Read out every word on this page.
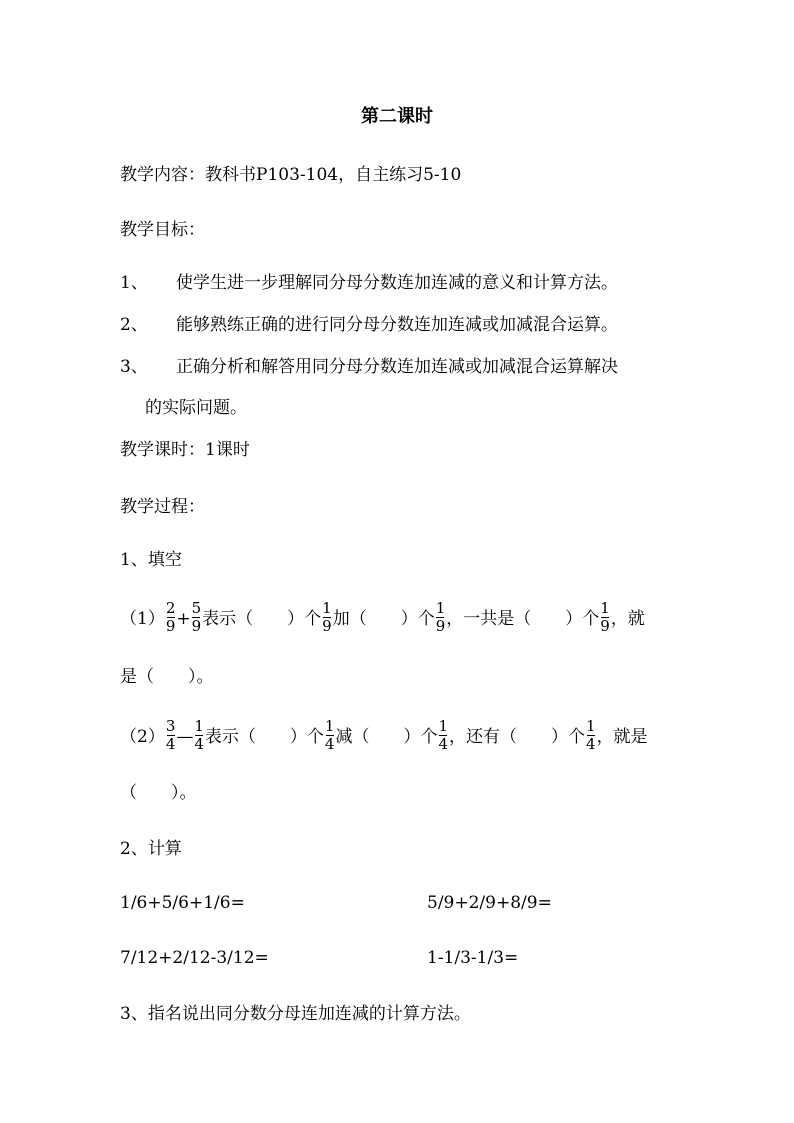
第二课时
教学内容：教科书P103-104，自主练习5-10
教学目标：
1、 使学生进一步理解同分母分数连加连减的意义和计算方法。
2、 能够熟练正确的进行同分母分数连加连减或加减混合运算。
3、 正确分析和解答用同分母分数连加连减或加减混合运算解决
的实际问题。
教学课时：1课时
教学过程：
1、填空
$(1) \frac{2}{9} + \frac{5}{9}$ 表示（　　）个 $\frac{1}{9}$ 加（　　）个 $\frac{1}{9}$ ，一共是（　　）个 $\frac{1}{9}$ ，就
是（　　）。
$(2) \frac{3}{4}$ — $\frac{1}{4}$ 表示（　　）个 $\frac{1}{4}$ 减（　　）个 $\frac{1}{4}$ ，还有（　　）个 $\frac{1}{4}$ ，就是
（　　）。
2、计算
1/6+5/6+1/6=	5/9+2/9+8/9=
7/12+2/12-3/12=	1-1/3-1/3=
3、指名说出同分数分母连加连减的计算方法。
